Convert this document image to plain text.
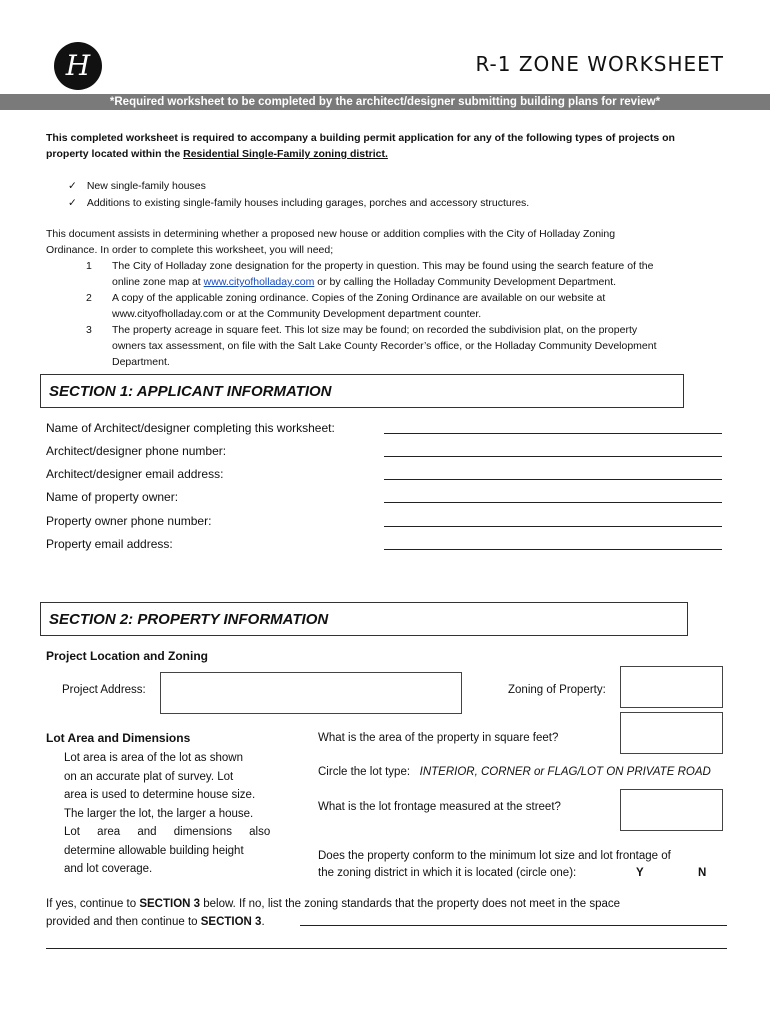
H	R-1 ZONE WORKSHEET
*Required worksheet to be completed by the architect/designer submitting building plans for review*
This completed worksheet is required to accompany a building permit application for any of the following types of projects on
property located within the Residential Single-Family zoning district.
✓ New single-family houses
✓ Additions to existing single-family houses including garages, porches and accessory structures.
This document assists in determining whether a proposed new house or addition complies with the City of Holladay Zoning
Ordinance. In order to complete this worksheet, you will need;
1	The City of Holladay zone designation for the property in question. This may be found using the search feature of the
online zone map at www.cityofholladay.com or by calling the Holladay Community Development Department.
2	A copy of the applicable zoning ordinance. Copies of the Zoning Ordinance are available on our website at
www.cityofholladay.com or at the Community Development department counter.
3	The property acreage in square feet. This lot size may be found; on recorded the subdivision plat, on the property
owners tax assessment, on file with the Salt Lake County Recorder’s office, or the Holladay Community Development
Department.
SECTION 1: APPLICANT INFORMATION
Name of Architect/designer completing this worksheet:
Architect/designer phone number:
Architect/designer email address:
Name of property owner:
Property owner phone number:
Property email address:
SECTION 2: PROPERTY INFORMATION
Project Location and Zoning
Project Address:	Zoning of Property:
Lot Area and Dimensions
Lot area is area of the lot as shown
on an accurate plat of survey. Lot
area is used to determine house size.
The larger the lot, the larger a house.
Lot area and dimensions also
determine allowable building height
and lot coverage.
What is the area of the property in square feet?
Circle the lot type: INTERIOR, CORNER or FLAG/LOT ON PRIVATE ROAD
What is the lot frontage measured at the street?
Does the property conform to the minimum lot size and lot frontage of
the zoning district in which it is located (circle one):	Y	N
If yes, continue to SECTION 3 below. If no, list the zoning standards that the property does not meet in the space
provided and then continue to SECTION 3.
